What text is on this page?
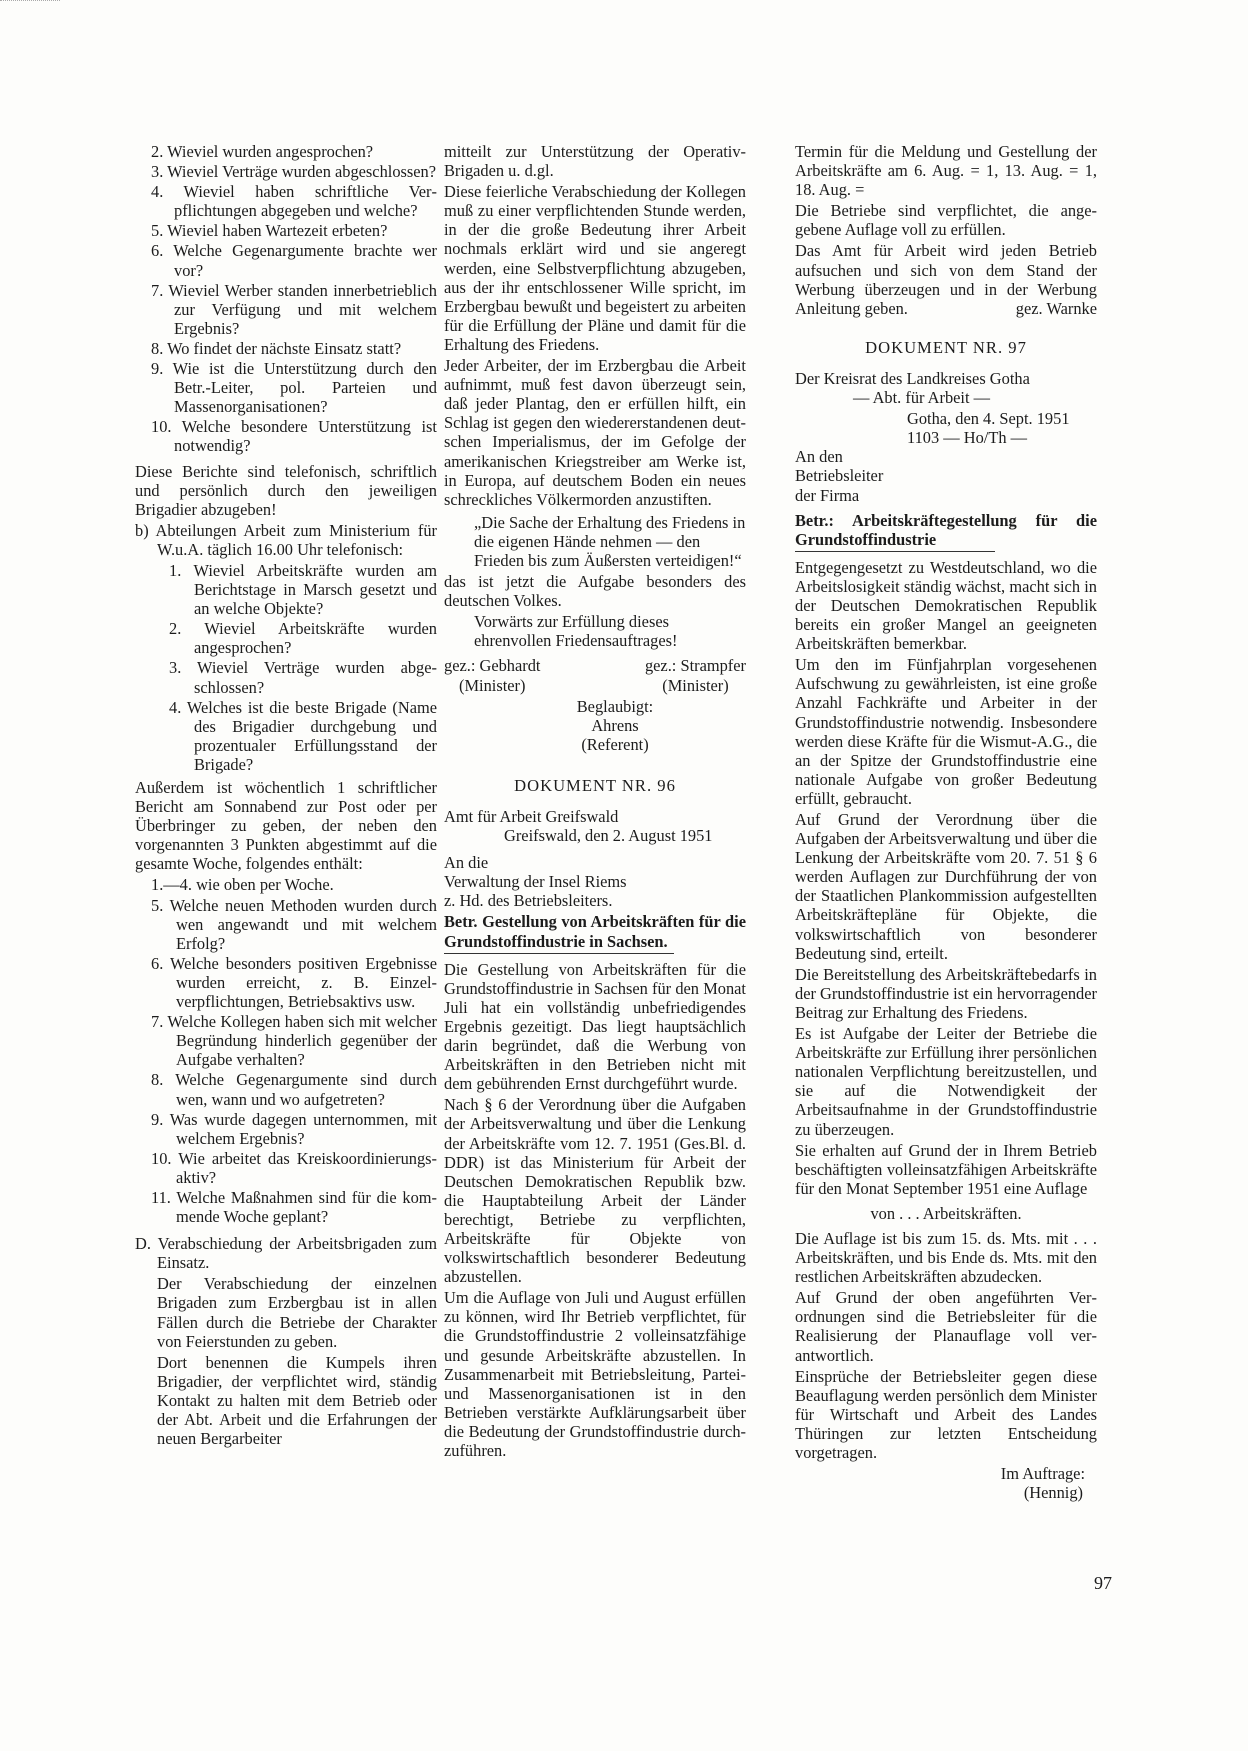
2. Wieviel wurden angesprochen?

3. Wieviel Verträge wurden abgeschlossen?

4. Wieviel haben schriftliche Verpflichtungen abgegeben und welche?

5. Wieviel haben Wartezeit erbeten?

6. Welche Gegenargumente brachte wer vor?

7. Wieviel Werber standen innerbetrieblich zur Verfügung und mit welchem Ergebnis?

8. Wo findet der nächste Einsatz statt?

9. Wie ist die Unterstützung durch den Betr.-Leiter, pol. Parteien und Massenorganisationen?

10. Welche besondere Unterstützung ist notwendig?

Diese Berichte sind telefonisch, schriftlich und persönlich durch den jeweiligen Brigadier abzugeben!

b) Abteilungen Arbeit zum Ministerium für W.u.A. täglich 16.00 Uhr telefonisch:

1. Wieviel Arbeitskräfte wurden am Berichtstage in Marsch gesetzt und an welche Objekte?

2. Wieviel Arbeitskräfte wurden angesprochen?

3. Wieviel Verträge wurden abgeschlossen?

4. Welches ist die beste Brigade (Name des Brigadier durchgebung und prozentualer Erfüllungsstand der Brigade?

Außerdem ist wöchentlich 1 schriftlicher Bericht am Sonnabend zur Post oder per Überbringer zu geben, der neben den vorgenannten 3 Punkten abgestimmt auf die gesamte Woche, folgendes enthält:

1.—4. wie oben per Woche.

5. Welche neuen Methoden wurden durch wen angewandt und mit welchem Erfolg?

6. Welche besonders positiven Ergebnisse wurden erreicht, z. B. Einzelverpflichtungen, Betriebsaktivs usw.

7. Welche Kollegen haben sich mit welcher Begründung hinderlich gegenüber der Aufgabe verhalten?

8. Welche Gegenargumente sind durch wen, wann und wo aufgetreten?

9. Was wurde dagegen unternommen, mit welchem Ergebnis?

10. Wie arbeitet das Kreiskoordinierungsaktiv?

11. Welche Maßnahmen sind für die kommende Woche geplant?

D. Verabschiedung der Arbeitsbrigaden zum Einsatz.

Der Verabschiedung der einzelnen Brigaden zum Erzbergbau ist in allen Fällen durch die Betriebe der Charakter von Feierstunden zu geben.

Dort benennen die Kumpels ihren Brigadier, der verpflichtet wird, ständig Kontakt zu halten mit dem Betrieb oder der Abt. Arbeit und die Erfahrungen der neuen Bergarbeiter

mitteilt zur Unterstützung der Operativ-Brigaden u. d.gl.

Diese feierliche Verabschiedung der Kollegen muß zu einer verpflichtenden Stunde werden, in der die große Bedeutung ihrer Arbeit nochmals erklärt wird und sie angeregt werden, eine Selbstverpflichtung abzugeben, aus der ihr entschlossener Wille spricht, im Erzbergbau bewußt und begeistert zu arbeiten für die Erfüllung der Pläne und damit für die Erhaltung des Friedens.

Jeder Arbeiter, der im Erzbergbau die Arbeit aufnimmt, muß fest davon überzeugt sein, daß jeder Plantag, den er erfüllen hilft, ein Schlag ist gegen den wiedererstandenen deutschen Imperialismus, der im Gefolge der amerikanischen Kriegstreiber am Werke ist, in Europa, auf deutschem Boden ein neues schreckliches Völkermorden anzustiften.

„Die Sache der Erhaltung des Friedens in die eigenen Hände nehmen — den Frieden bis zum Äußersten verteidigen!“

das ist jetzt die Aufgabe besonders des deutschen Volkes.

Vorwärts zur Erfüllung dieses ehrenvollen Friedensauftrages!

gez.: Gebhardt
(Minister)
gez.: Strampfer
(Minister)
Beglaubigt:
Ahrens
(Referent)
DOKUMENT NR. 96

Amt für Arbeit Greifswald

Greifswald, den 2. August 1951

An die

Verwaltung der Insel Riems

z. Hd. des Betriebsleiters.

Betr. Gestellung von Arbeitskräften für die Grundstoffindustrie in Sachsen.

Die Gestellung von Arbeitskräften für die Grundstoffindustrie in Sachsen für den Monat Juli hat ein vollständig unbefriedigendes Ergebnis gezeitigt. Das liegt hauptsächlich darin begründet, daß die Werbung von Arbeitskräften in den Betrieben nicht mit dem gebührenden Ernst durchgeführt wurde.

Nach § 6 der Verordnung über die Aufgaben der Arbeitsverwaltung und über die Lenkung der Arbeitskräfte vom 12. 7. 1951 (Ges.Bl. d. DDR) ist das Ministerium für Arbeit der Deutschen Demokratischen Republik bzw. die Hauptabteilung Arbeit der Länder berechtigt, Betriebe zu verpflichten, Arbeitskräfte für Objekte von volkswirtschaftlich besonderer Bedeutung abzustellen.

Um die Auflage von Juli und August erfüllen zu können, wird Ihr Betrieb verpflichtet, für die Grundstoffindustrie 2 volleinsatzfähige und gesunde Arbeitskräfte abzustellen. In Zusammenarbeit mit Betriebsleitung, Partei- und Massenorganisationen ist in den Betrieben verstärkte Aufklärungsarbeit über die Bedeutung der Grundstoffindustrie durchzuführen.

Termin für die Meldung und Gestellung der Arbeitskräfte am 6. Aug. = 1, 13. Aug. = 1, 18. Aug. =

Die Betriebe sind verpflichtet, die angegebene Auflage voll zu erfüllen.

Das Amt für Arbeit wird jeden Betrieb aufsuchen und sich von dem Stand der Werbung überzeugen und in der Werbung Anleitung geben.	gez. Warnke

DOKUMENT NR. 97

Der Kreisrat des Landkreises Gotha

— Abt. für Arbeit —

Gotha, den 4. Sept. 1951

1103 — Ho/Th —

An den

Betriebsleiter

der Firma

Betr.: Arbeitskräftegestellung für die Grundstoffindustrie

Entgegengesetzt zu Westdeutschland, wo die Arbeitslosigkeit ständig wächst, macht sich in der Deutschen Demokratischen Republik bereits ein großer Mangel an geeigneten Arbeitskräften bemerkbar.

Um den im Fünfjahrplan vorgesehenen Aufschwung zu gewährleisten, ist eine große Anzahl Fachkräfte und Arbeiter in der Grundstoffindustrie notwendig. Insbesondere werden diese Kräfte für die Wismut-A.G., die an der Spitze der Grundstoffindustrie eine nationale Aufgabe von großer Bedeutung erfüllt, gebraucht.

Auf Grund der Verordnung über die Aufgaben der Arbeitsverwaltung und über die Lenkung der Arbeitskräfte vom 20. 7. 51 § 6 werden Auflagen zur Durchführung der von der Staatlichen Plankommission aufgestellten Arbeitskräftepläne für Objekte, die volkswirtschaftlich von besonderer Bedeutung sind, erteilt.

Die Bereitstellung des Arbeitskräftebedarfs in der Grundstoffindustrie ist ein hervorragender Beitrag zur Erhaltung des Friedens.

Es ist Aufgabe der Leiter der Betriebe die Arbeitskräfte zur Erfüllung ihrer persönlichen nationalen Verpflichtung bereitzustellen, und sie auf die Notwendigkeit der Arbeitsaufnahme in der Grundstoffindustrie zu überzeugen.

Sie erhalten auf Grund der in Ihrem Betrieb beschäftigten volleinsatzfähigen Arbeitskräfte für den Monat September 1951 eine Auflage

von . . . Arbeitskräften.

Die Auflage ist bis zum 15. ds. Mts. mit . . . Arbeitskräften, und bis Ende ds. Mts. mit den restlichen Arbeitskräften abzudecken.

Auf Grund der oben angeführten Verordnungen sind die Betriebsleiter für die Realisierung der Planauflage voll verantwortlich.

Einsprüche der Betriebsleiter gegen diese Beauflagung werden persönlich dem Minister für Wirtschaft und Arbeit des Landes Thüringen zur letzten Entscheidung vorgetragen.

Im Auftrage:

(Hennig)

97
